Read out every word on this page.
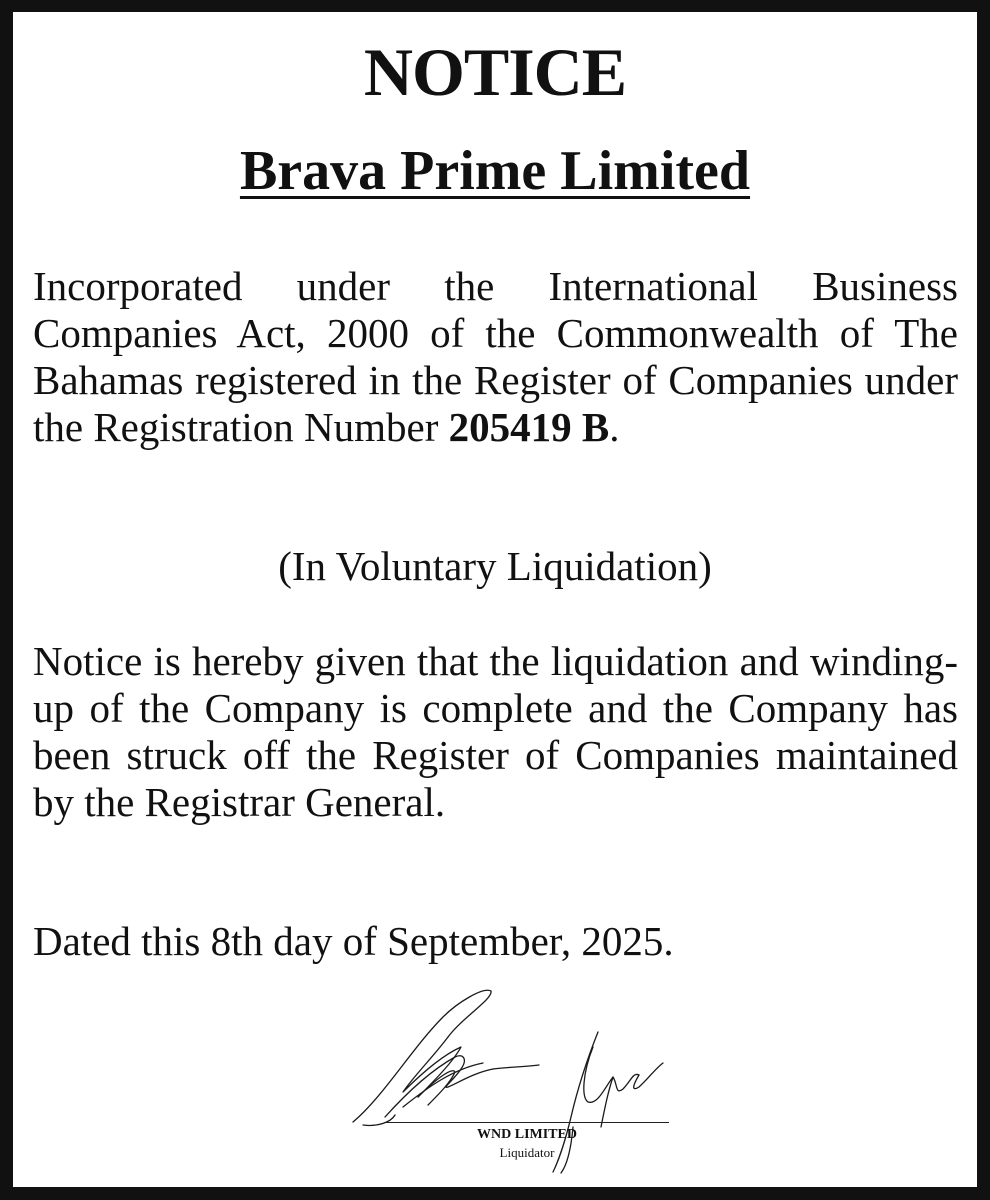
NOTICE
Brava Prime Limited
Incorporated under the International Business Companies Act, 2000 of the Commonwealth of The Bahamas registered in the Register of Companies under the Registration Number 205419 B.
(In Voluntary Liquidation)
Notice is hereby given that the liquidation and winding-up of the Company is complete and the Company has been struck off the Register of Companies maintained by the Registrar General.
Dated this 8th day of September, 2025.
WND LIMITED
Liquidator
